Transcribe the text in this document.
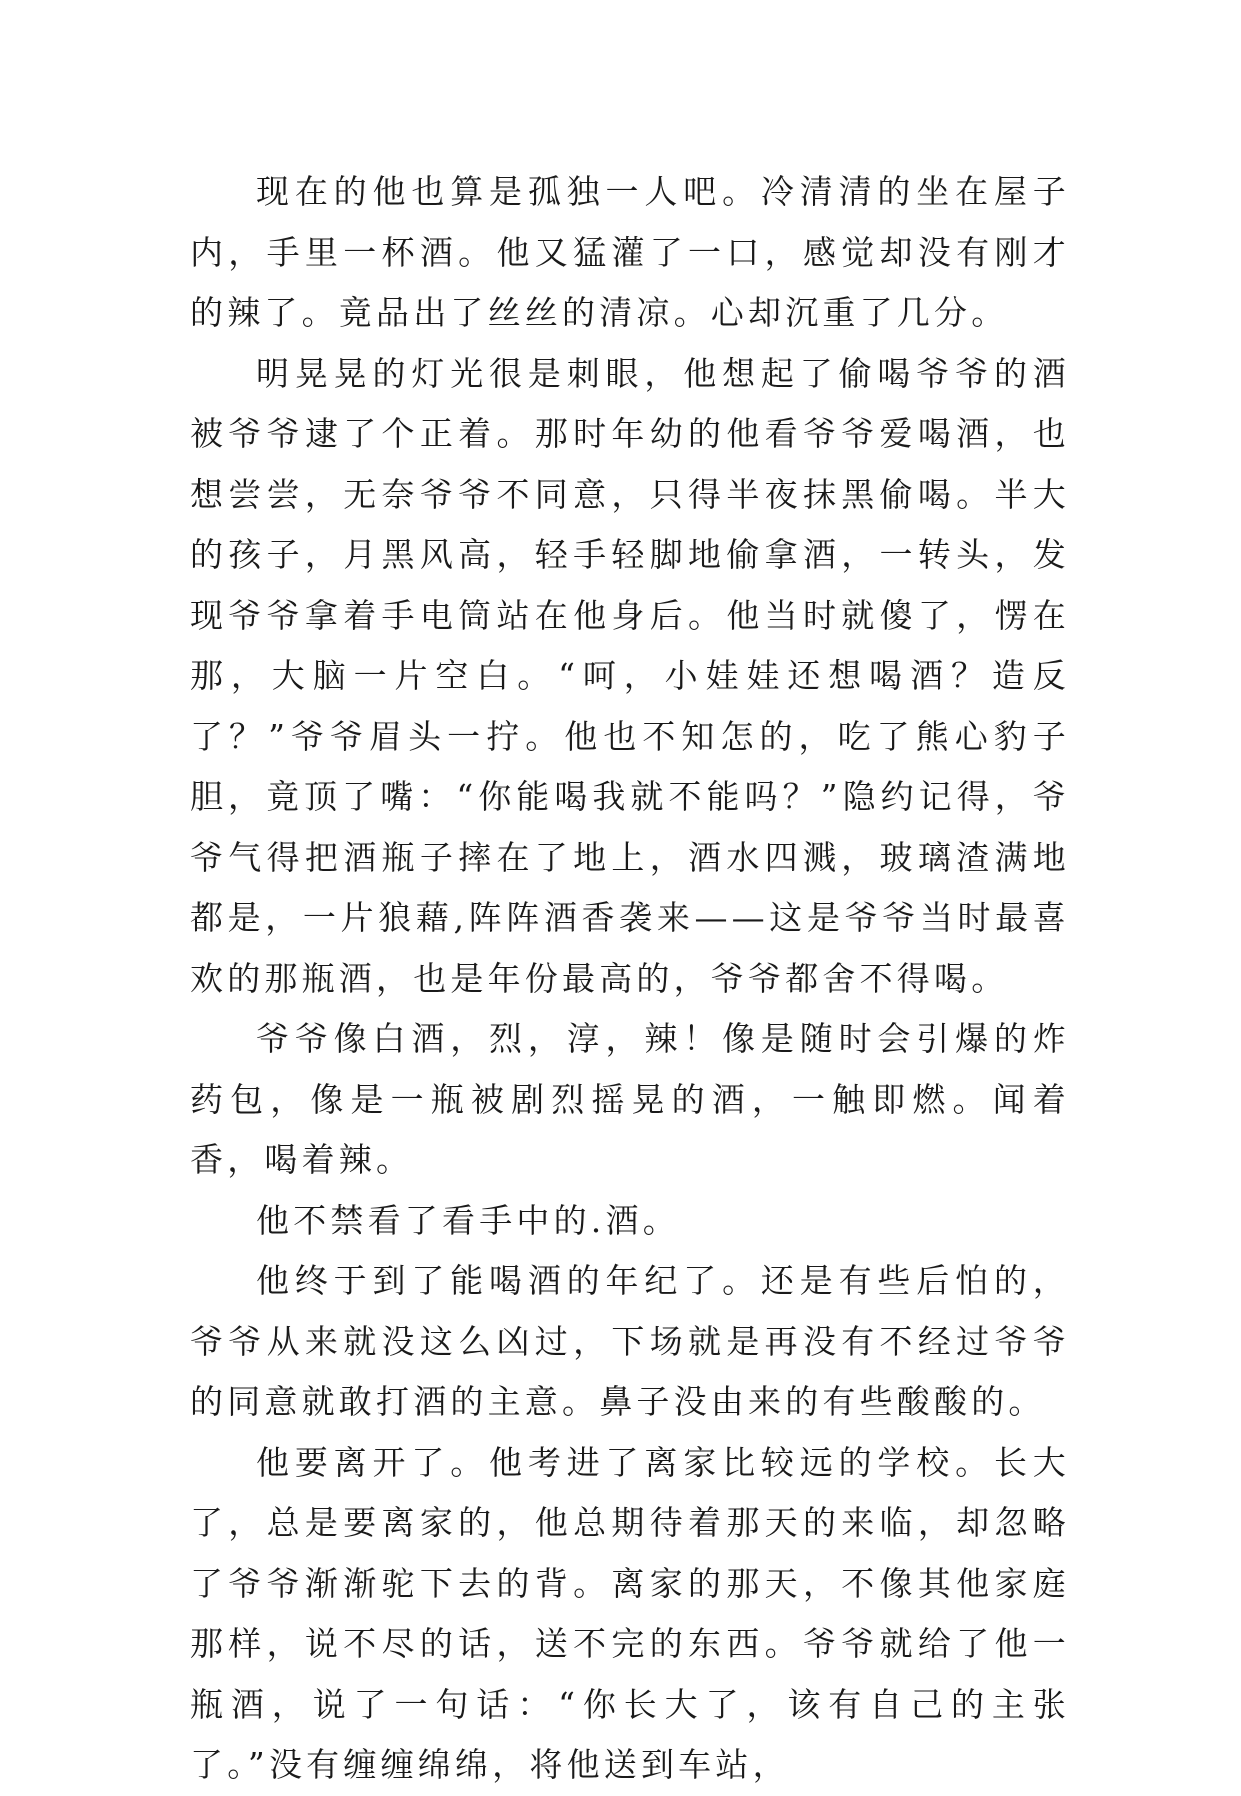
现在的他也算是孤独一人吧。冷清清的坐在屋子内，手里一杯酒。他又猛灌了一口，感觉却没有刚才的辣了。竟品出了丝丝的清凉。心却沉重了几分。

明晃晃的灯光很是刺眼，他想起了偷喝爷爷的酒被爷爷逮了个正着。那时年幼的他看爷爷爱喝酒，也想尝尝，无奈爷爷不同意，只得半夜抹黑偷喝。半大的孩子，月黑风高，轻手轻脚地偷拿酒，一转头，发现爷爷拿着手电筒站在他身后。他当时就傻了，愣在那，大脑一片空白。“呵，小娃娃还想喝酒？造反了？”爷爷眉头一拧。他也不知怎的，吃了熊心豹子胆，竟顶了嘴：“你能喝我就不能吗？”隐约记得，爷爷气得把酒瓶子摔在了地上，酒水四溅，玻璃渣满地都是，一片狼藉,阵阵酒香袭来——这是爷爷当时最喜欢的那瓶酒，也是年份最高的，爷爷都舍不得喝。

爷爷像白酒，烈，淳，辣！像是随时会引爆的炸药包，像是一瓶被剧烈摇晃的酒，一触即燃。闻着香，喝着辣。

他不禁看了看手中的.酒。

他终于到了能喝酒的年纪了。还是有些后怕的，爷爷从来就没这么凶过，下场就是再没有不经过爷爷的同意就敢打酒的主意。鼻子没由来的有些酸酸的。

他要离开了。他考进了离家比较远的学校。长大了，总是要离家的，他总期待着那天的来临，却忽略了爷爷渐渐驼下去的背。离家的那天，不像其他家庭那样，说不尽的话，送不完的东西。爷爷就给了他一瓶酒，说了一句话：“你长大了，该有自己的主张了。”没有缠缠绵绵，将他送到车站，
